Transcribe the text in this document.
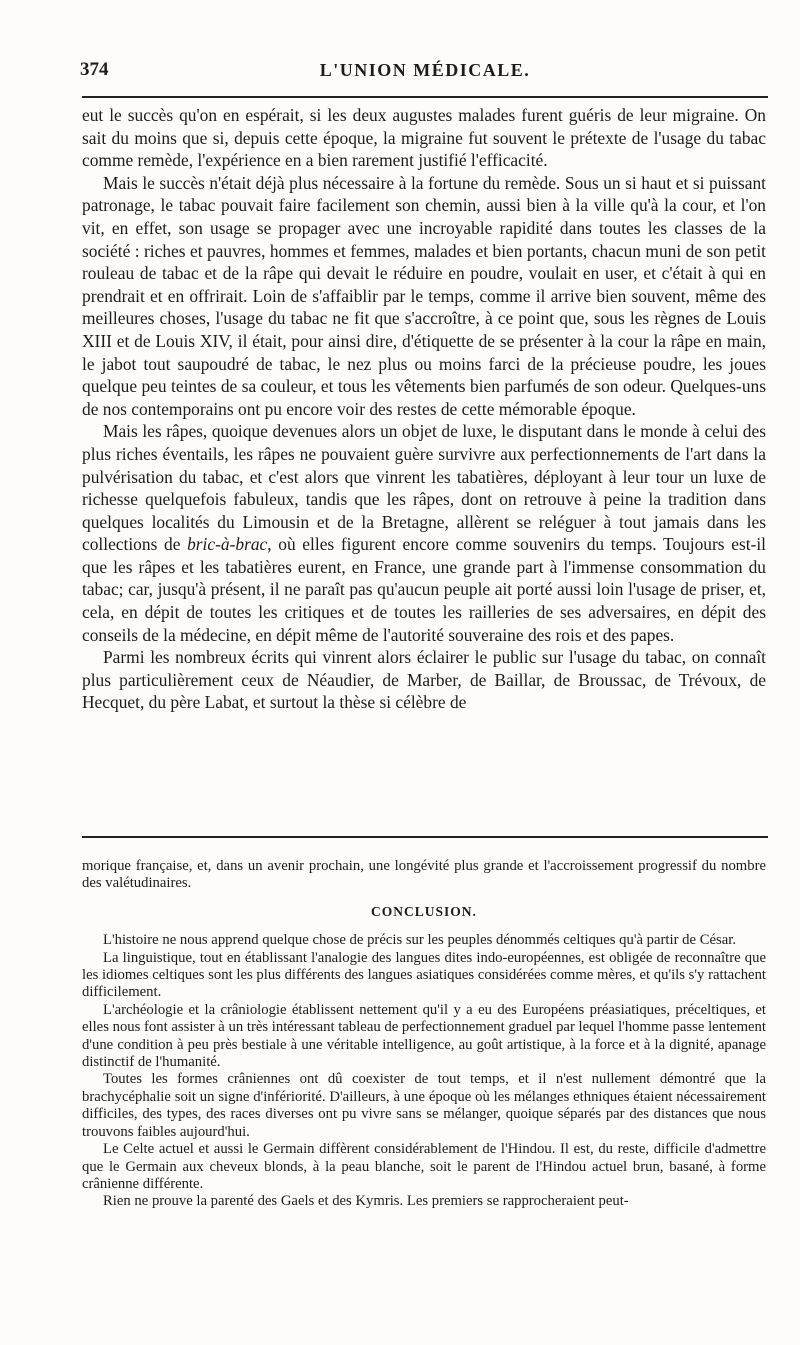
374	L'UNION MÉDICALE.

eut le succès qu'on en espérait, si les deux augustes malades furent guéris de leur migraine. On sait du moins que si, depuis cette époque, la migraine fut souvent le prétexte de l'usage du tabac comme remède, l'expérience en a bien rarement justifié l'efficacité.

Mais le succès n'était déjà plus nécessaire à la fortune du remède. Sous un si haut et si puissant patronage, le tabac pouvait faire facilement son chemin, aussi bien à la ville qu'à la cour, et l'on vit, en effet, son usage se propager avec une incroyable rapidité dans toutes les classes de la société : riches et pauvres, hommes et femmes, malades et bien portants, chacun muni de son petit rouleau de tabac et de la râpe qui devait le réduire en poudre, voulait en user, et c'était à qui en prendrait et en offrirait. Loin de s'affaiblir par le temps, comme il arrive bien souvent, même des meilleures choses, l'usage du tabac ne fit que s'accroître, à ce point que, sous les règnes de Louis XIII et de Louis XIV, il était, pour ainsi dire, d'étiquette de se présenter à la cour la râpe en main, le jabot tout saupoudré de tabac, le nez plus ou moins farci de la précieuse poudre, les joues quelque peu teintes de sa couleur, et tous les vêtements bien parfumés de son odeur. Quelques-uns de nos contemporains ont pu encore voir des restes de cette mémorable époque.

Mais les râpes, quoique devenues alors un objet de luxe, le disputant dans le monde à celui des plus riches éventails, les râpes ne pouvaient guère survivre aux perfectionnements de l'art dans la pulvérisation du tabac, et c'est alors que vinrent les tabatières, déployant à leur tour un luxe de richesse quelquefois fabuleux, tandis que les râpes, dont on retrouve à peine la tradition dans quelques localités du Limousin et de la Bretagne, allèrent se reléguer à tout jamais dans les collections de bric-à-brac, où elles figurent encore comme souvenirs du temps. Toujours est-il que les râpes et les tabatières eurent, en France, une grande part à l'immense consommation du tabac; car, jusqu'à présent, il ne paraît pas qu'aucun peuple ait porté aussi loin l'usage de priser, et, cela, en dépit de toutes les critiques et de toutes les railleries de ses adversaires, en dépit des conseils de la médecine, en dépit même de l'autorité souveraine des rois et des papes.

Parmi les nombreux écrits qui vinrent alors éclairer le public sur l'usage du tabac, on connaît plus particulièrement ceux de Néaudier, de Marber, de Baillar, de Broussac, de Trévoux, de Hecquet, du père Labat, et surtout la thèse si célèbre de

morique française, et, dans un avenir prochain, une longévité plus grande et l'accroissement progressif du nombre des valétudinaires.

CONCLUSION.

L'histoire ne nous apprend quelque chose de précis sur les peuples dénommés celtiques qu'à partir de César.

La linguistique, tout en établissant l'analogie des langues dites indo-européennes, est obligée de reconnaître que les idiomes celtiques sont les plus différents des langues asiatiques considérées comme mères, et qu'ils s'y rattachent difficilement.

L'archéologie et la crâniologie établissent nettement qu'il y a eu des Européens préasiatiques, préceltiques, et elles nous font assister à un très intéressant tableau de perfectionnement graduel par lequel l'homme passe lentement d'une condition à peu près bestiale à une véritable intelligence, au goût artistique, à la force et à la dignité, apanage distinctif de l'humanité.

Toutes les formes crâniennes ont dû coexister de tout temps, et il n'est nullement démontré que la brachycéphalie soit un signe d'infériorité. D'ailleurs, à une époque où les mélanges ethniques étaient nécessairement difficiles, des types, des races diverses ont pu vivre sans se mélanger, quoique séparés par des distances que nous trouvons faibles aujourd'hui.

Le Celte actuel et aussi le Germain diffèrent considérablement de l'Hindou. Il est, du reste, difficile d'admettre que le Germain aux cheveux blonds, à la peau blanche, soit le parent de l'Hindou actuel brun, basané, à forme crânienne différente.

Rien ne prouve la parenté des Gaels et des Kymris. Les premiers se rapprocheraient peut-
